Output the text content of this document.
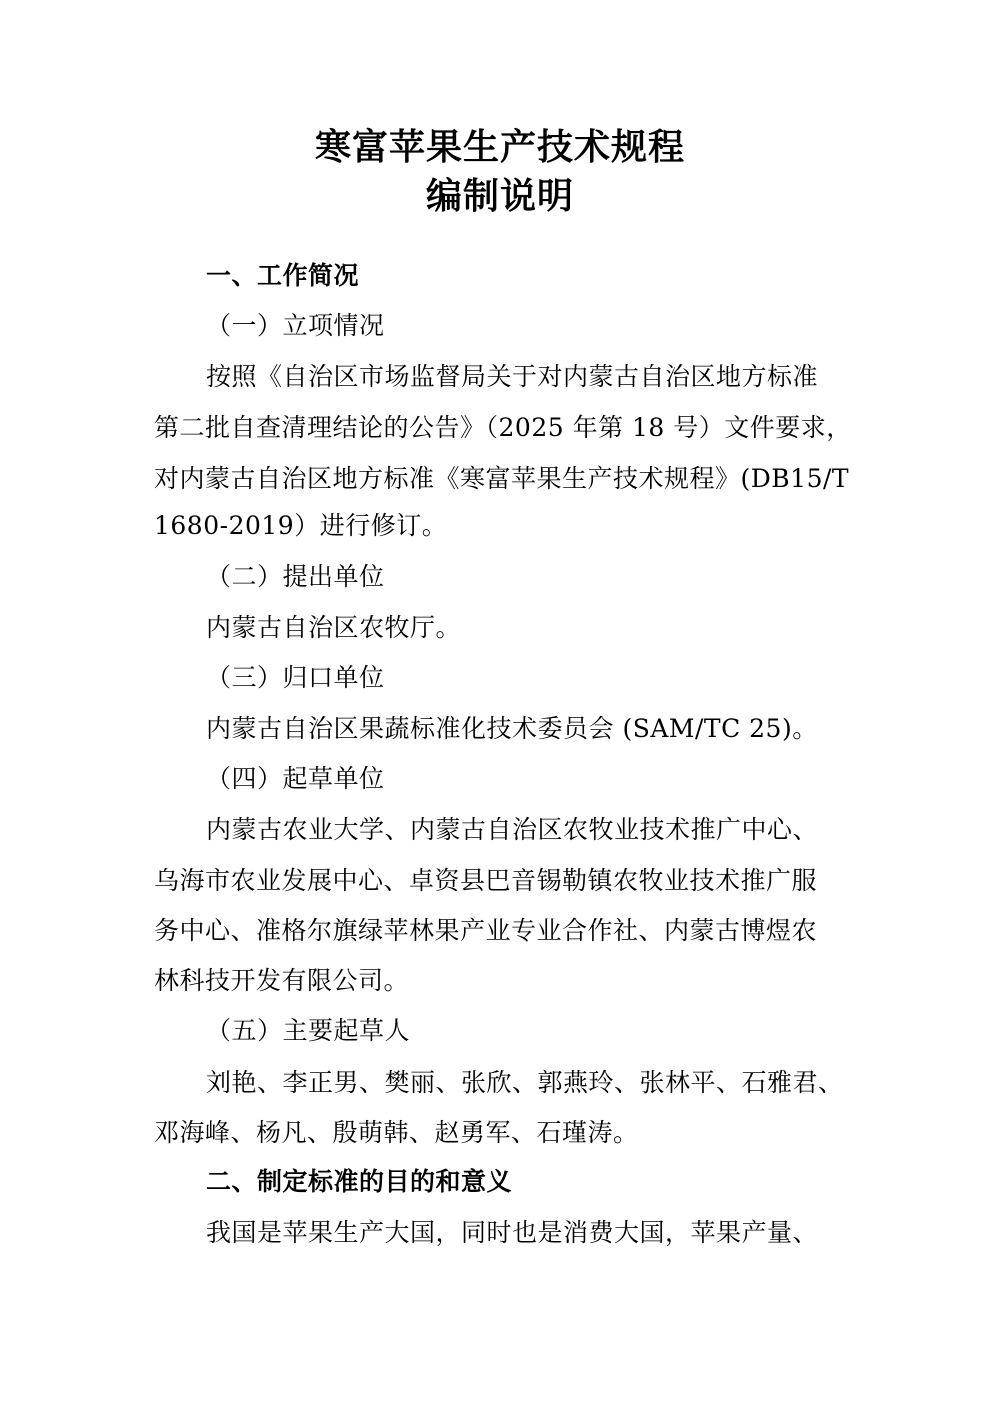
寒富苹果生产技术规程
编制说明
一、工作简况
（一）立项情况
按照《自治区市场监督局关于对内蒙古自治区地方标准
第二批自查清理结论的公告》（2025 年第 18 号）文件要求，
对内蒙古自治区地方标准《寒富苹果生产技术规程》(DB15/T
1680-2019）进行修订。
（二）提出单位
内蒙古自治区农牧厅。
（三）归口单位
内蒙古自治区果蔬标准化技术委员会 (SAM/TC 25)。
（四）起草单位
内蒙古农业大学、内蒙古自治区农牧业技术推广中心、
乌海市农业发展中心、卓资县巴音锡勒镇农牧业技术推广服
务中心、准格尔旗绿苹林果产业专业合作社、内蒙古博煜农
林科技开发有限公司。
（五）主要起草人
刘艳、李正男、樊丽、张欣、郭燕玲、张林平、石雅君、
邓海峰、杨凡、殷萌韩、赵勇军、石瑾涛。
二、制定标准的目的和意义
我国是苹果生产大国，同时也是消费大国，苹果产量、
